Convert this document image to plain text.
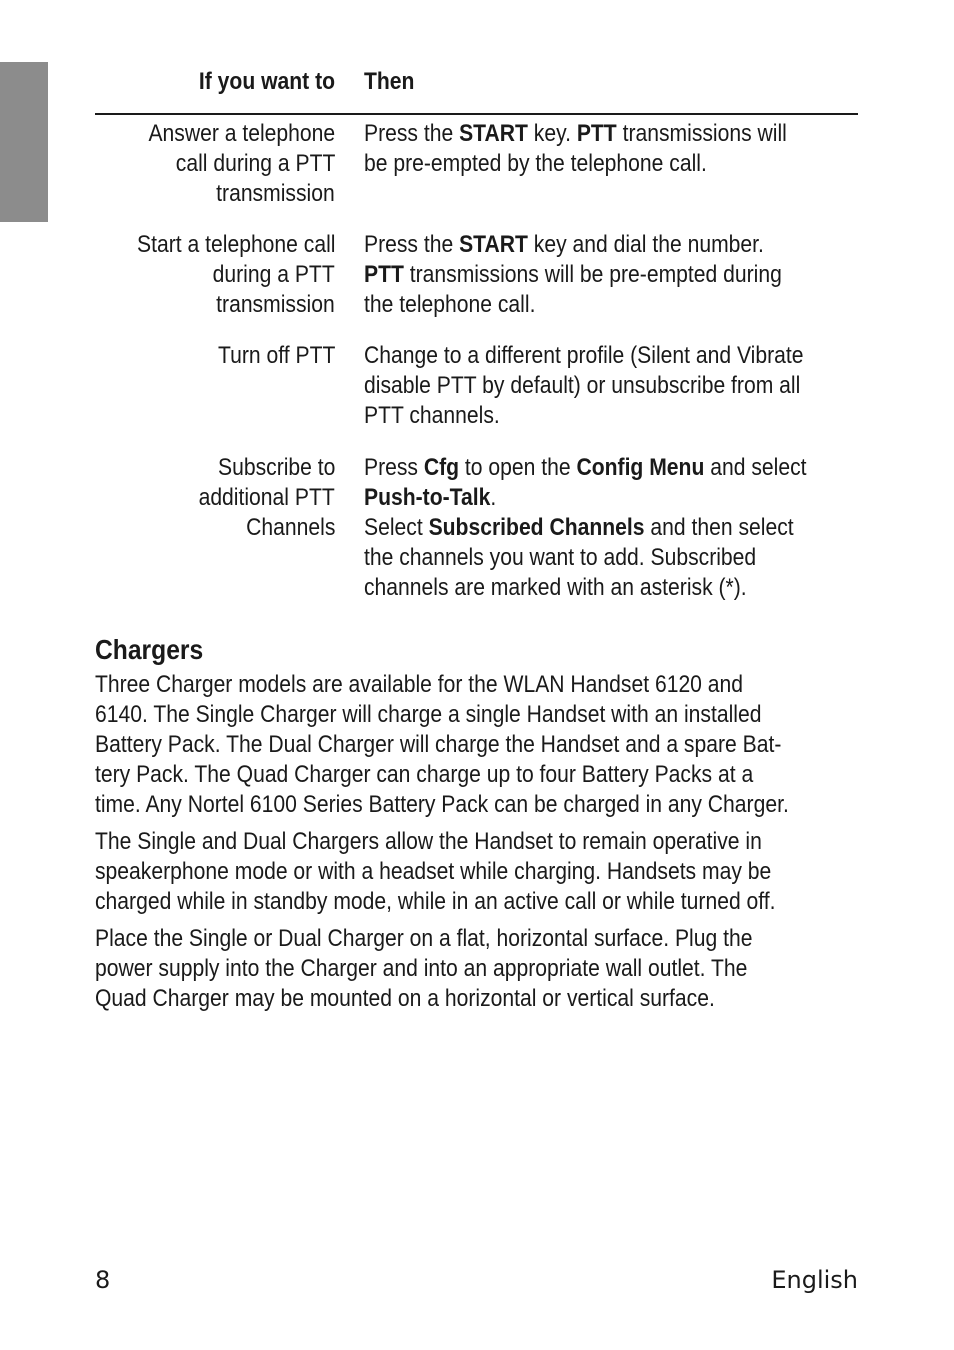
If you want to Then
Answer a telephone
call during a PTT
transmission
Press the START key. PTT transmissions will
be pre-empted by the telephone call.
Start a telephone call
during a PTT
transmission
Press the START key and dial the number.
PTT transmissions will be pre-empted during
the telephone call.
Turn off PTT Change to a different profile (Silent and Vibrate
disable PTT by default) or unsubscribe from all
PTT channels.
Subscribe to
additional PTT
Channels
Press Cfg to open the Config Menu and select
Push-to-Talk.
Select Subscribed Channels and then select
the channels you want to add. Subscribed
channels are marked with an asterisk (*).
Chargers
Three Charger models are available for the WLAN Handset 6120 and
6140. The Single Charger will charge a single Handset with an installed
Battery Pack. The Dual Charger will charge the Handset and a spare Bat-
tery Pack. The Quad Charger can charge up to four Battery Packs at a
time. Any Nortel 6100 Series Battery Pack can be charged in any Charger.
The Single and Dual Chargers allow the Handset to remain operative in
speakerphone mode or with a headset while charging. Handsets may be
charged while in standby mode, while in an active call or while turned off.
Place the Single or Dual Charger on a flat, horizontal surface. Plug the
power supply into the Charger and into an appropriate wall outlet. The
Quad Charger may be mounted on a horizontal or vertical surface.
8	English
